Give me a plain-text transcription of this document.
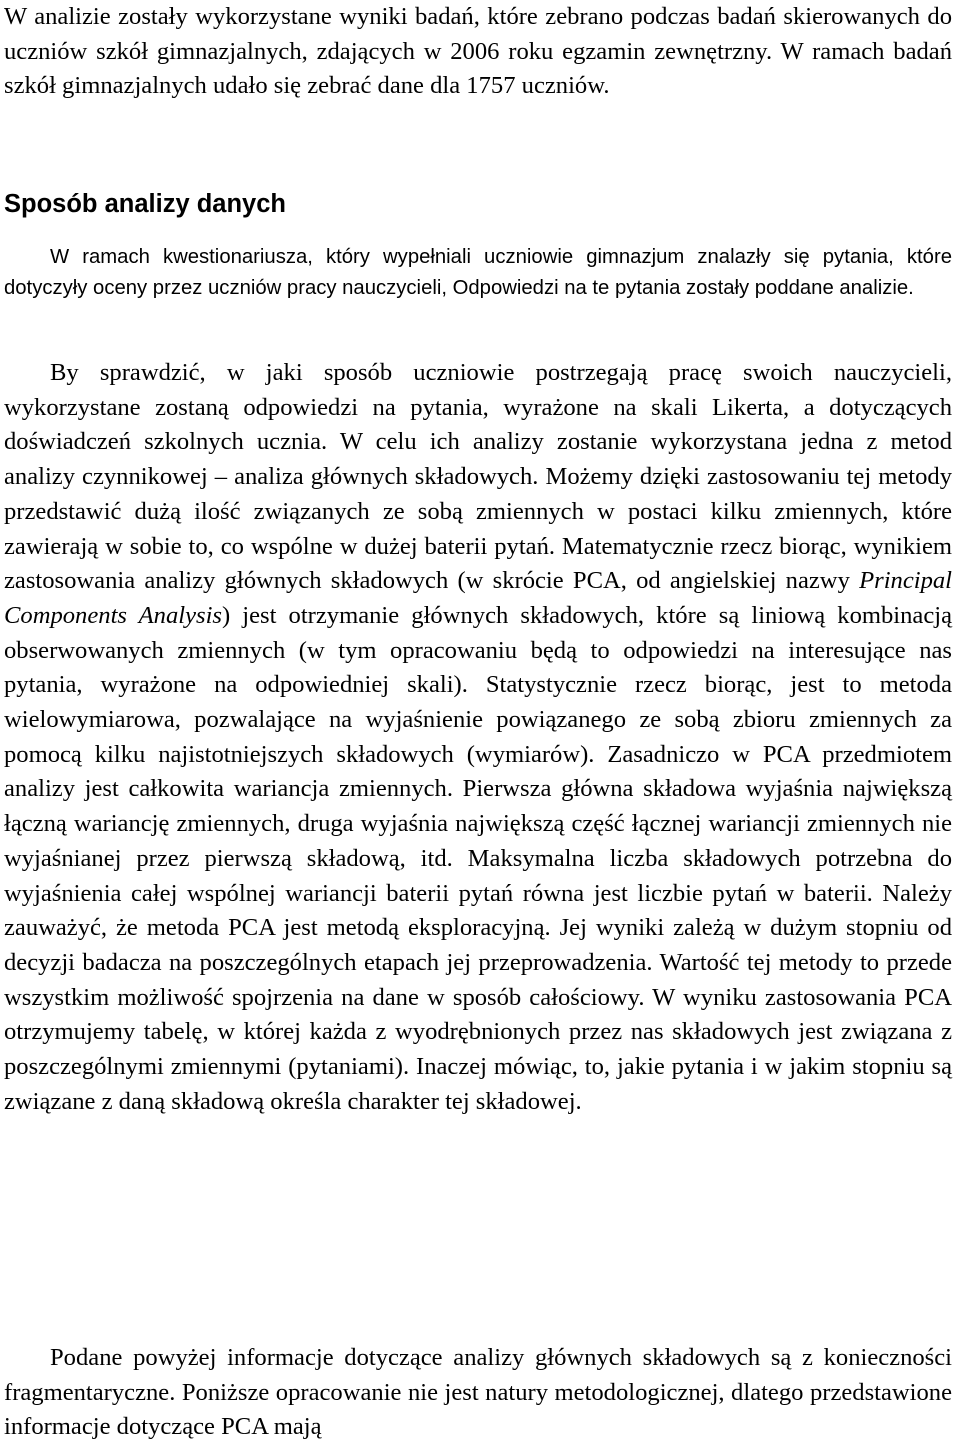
W analizie zostały wykorzystane wyniki badań, które zebrano podczas badań skierowanych do uczniów szkół gimnazjalnych, zdających w 2006 roku egzamin zewnętrzny. W ramach badań szkół gimnazjalnych udało się zebrać dane dla 1757 uczniów.

Sposób analizy danych

W ramach kwestionariusza, który wypełniali uczniowie gimnazjum znalazły się pytania, które dotyczyły oceny przez uczniów pracy nauczycieli, Odpowiedzi na te pytania zostały poddane analizie.

By sprawdzić, w jaki sposób uczniowie postrzegają pracę swoich nauczycieli, wykorzystane zostaną odpowiedzi na pytania, wyrażone na skali Likerta, a dotyczących doświadczeń szkolnych ucznia. W celu ich analizy zostanie wykorzystana jedna z metod analizy czynnikowej – analiza głównych składowych. Możemy dzięki zastosowaniu tej metody przedstawić dużą ilość związanych ze sobą zmiennych w postaci kilku zmiennych, które zawierają w sobie to, co wspólne w dużej baterii pytań. Matematycznie rzecz biorąc, wynikiem zastosowania analizy głównych składowych (w skrócie PCA, od angielskiej nazwy Principal Components Analysis) jest otrzymanie głównych składowych, które są liniową kombinacją obserwowanych zmiennych (w tym opracowaniu będą to odpowiedzi na interesujące nas pytania, wyrażone na odpowiedniej skali). Statystycznie rzecz biorąc, jest to metoda wielowymiarowa, pozwalające na wyjaśnienie powiązanego ze sobą zbioru zmiennych za pomocą kilku najistotniejszych składowych (wymiarów). Zasadniczo w PCA przedmiotem analizy jest całkowita wariancja zmiennych. Pierwsza główna składowa wyjaśnia największą łączną wariancję zmiennych, druga wyjaśnia największą część łącznej wariancji zmiennych nie wyjaśnianej przez pierwszą składową, itd. Maksymalna liczba składowych potrzebna do wyjaśnienia całej wspólnej wariancji baterii pytań równa jest liczbie pytań w baterii. Należy zauważyć, że metoda PCA jest metodą eksploracyjną. Jej wyniki zależą w dużym stopniu od decyzji badacza na poszczególnych etapach jej przeprowadzenia. Wartość tej metody to przede wszystkim możliwość spojrzenia na dane w sposób całościowy. W wyniku zastosowania PCA otrzymujemy tabelę, w której każda z wyodrębnionych przez nas składowych jest związana z poszczególnymi zmiennymi (pytaniami). Inaczej mówiąc, to, jakie pytania i w jakim stopniu są związane z daną składową określa charakter tej składowej.

Podane powyżej informacje dotyczące analizy głównych składowych są z konieczności fragmentaryczne. Poniższe opracowanie nie jest natury metodologicznej, dlatego przedstawione informacje dotyczące PCA mają
